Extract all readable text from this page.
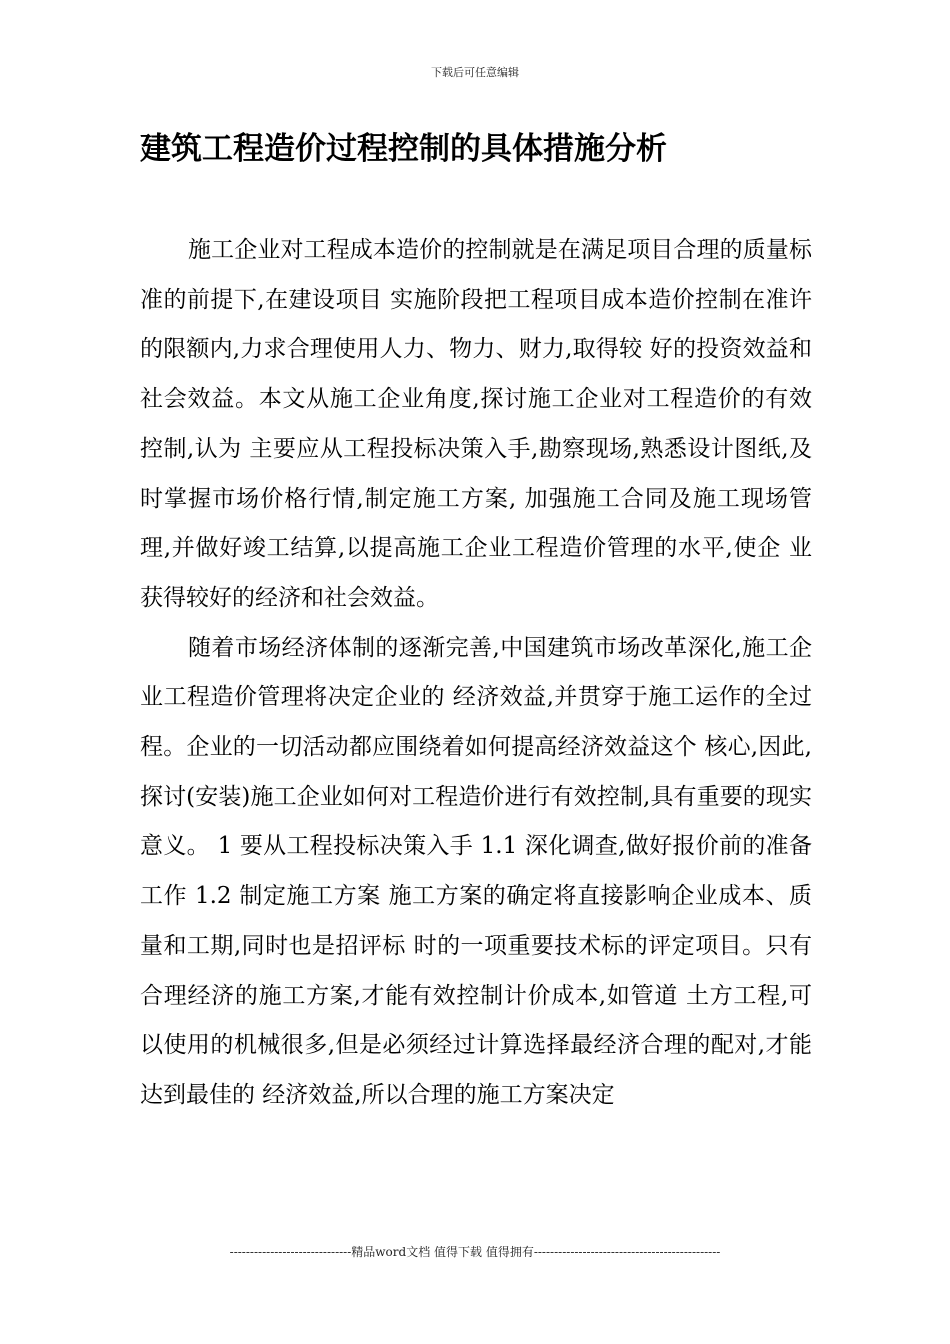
下载后可任意编辑
建筑工程造价过程控制的具体措施分析

施工企业对工程成本造价的控制就是在满足项目合理的质量标准的前提下,在建设项目 实施阶段把工程项目成本造价控制在准许的限额内,力求合理使用人力、物力、财力,取得较 好的投资效益和社会效益。本文从施工企业角度,探讨施工企业对工程造价的有效控制,认为 主要应从工程投标决策入手,勘察现场,熟悉设计图纸,及时掌握市场价格行情,制定施工方案, 加强施工合同及施工现场管理,并做好竣工结算,以提高施工企业工程造价管理的水平,使企 业获得较好的经济和社会效益。

随着市场经济体制的逐渐完善,中国建筑市场改革深化,施工企业工程造价管理将决定企业的 经济效益,并贯穿于施工运作的全过程。企业的一切活动都应围绕着如何提高经济效益这个 核心,因此,探讨(安装)施工企业如何对工程造价进行有效控制,具有重要的现实意义。 1 要从工程投标决策入手 1.1 深化调查,做好报价前的准备工作 1.2 制定施工方案 施工方案的确定将直接影响企业成本、质量和工期,同时也是招评标 时的一项重要技术标的评定项目。只有合理经济的施工方案,才能有效控制计价成本,如管道 土方工程,可以使用的机械很多,但是必须经过计算选择最经济合理的配对,才能达到最佳的 经济效益,所以合理的施工方案决定

------------------------------精品word文档 值得下载 值得拥有----------------------------------------------
